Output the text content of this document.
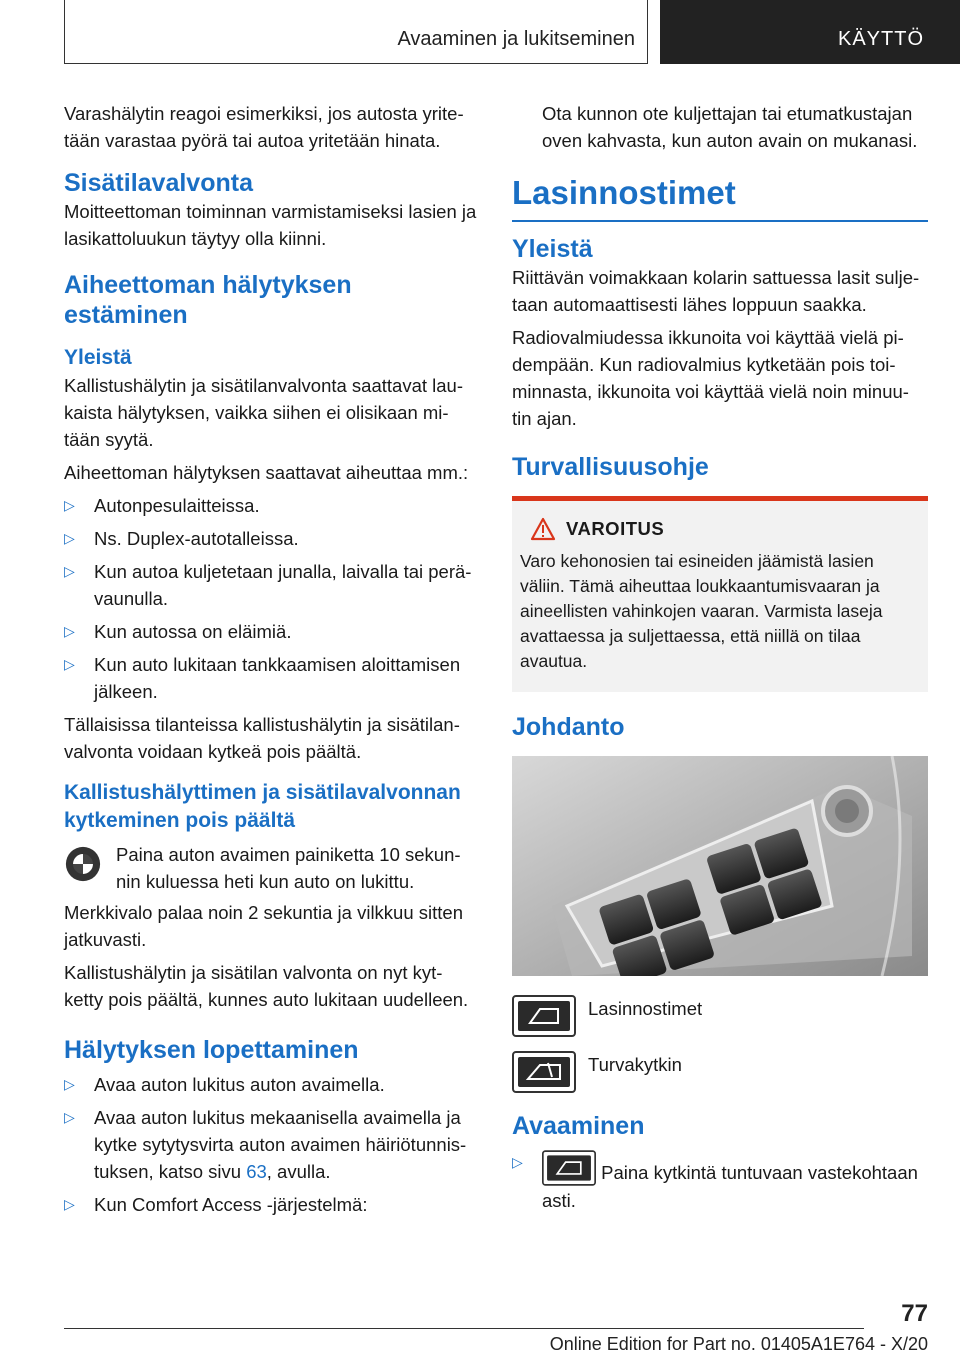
Avaaminen ja lukitseminen	KÄYTTÖ

Varashälytin reagoi esimerkiksi, jos autosta yrite-tään varastaa pyörä tai autoa yritetään hinata.

Sisätilavalvonta

Moitteettoman toiminnan varmistamiseksi lasien ja lasikattoluukun täytyy olla kiinni.

Aiheettoman hälytyksen estäminen
Yleistä

Kallistushälytin ja sisätilanvalvonta saattavat lau-kaista hälytyksen, vaikka siihen ei olisikaan mi-tään syytä.

Aiheettoman hälytyksen saattavat aiheuttaa mm.:

▷ Autonpesulaitteissa.
▷ Ns. Duplex-autotalleissa.
▷ Kun autoa kuljetetaan junalla, laivalla tai perä-vaunulla.
▷ Kun autossa on eläimiä.
▷ Kun auto lukitaan tankkaamisen aloittamisen jälkeen.

Tällaisissa tilanteissa kallistushälytin ja sisätilan-valvonta voidaan kytkeä pois päältä.

Kallistushälyttimen ja sisätilavalvonnan kytkeminen pois päältä

Paina auton avaimen painiketta 10 sekun-nin kuluessa heti kun auto on lukittu.

Merkkivalo palaa noin 2 sekuntia ja vilkkuu sitten jatkuvasti.

Kallistushälytin ja sisätilan valvonta on nyt kyt-ketty pois päältä, kunnes auto lukitaan uudelleen.

Hälytyksen lopettaminen
▷ Avaa auton lukitus auton avaimella.
▷ Avaa auton lukitus mekaanisella avaimella ja kytke sytytysvirta auton avaimen häiriötunnis-tuksen, katso sivu 63, avulla.
▷ Kun Comfort Access -järjestelmä:

Ota kunnon ote kuljettajan tai etumatkustajan oven kahvasta, kun auton avain on mukanasi.

Lasinnostimet
Yleistä

Riittävän voimakkaan kolarin sattuessa lasit sulje-taan automaattisesti lähes loppuun saakka.

Radiovalmiudessa ikkunoita voi käyttää vielä pi-dempään. Kun radiovalmius kytketään pois toi-minnasta, ikkunoita voi käyttää vielä noin minuu-tin ajan.

Turvallisuusohje
VAROITUS

Varo kehonosien tai esineiden jäämistä lasien väliin. Tämä aiheuttaa loukkaantumisvaaran ja aineellisten vahinkojen vaaran. Varmista laseja avattaessa ja suljettaessa, että niillä on tilaa avautua.

Johdanto
Lasinnostimet
Turvakytkin
Avaaminen
▷	Paina kytkintä tuntuvaan vastekohtaan asti.
77
Online Edition for Part no. 01405A1E764 - X/20
